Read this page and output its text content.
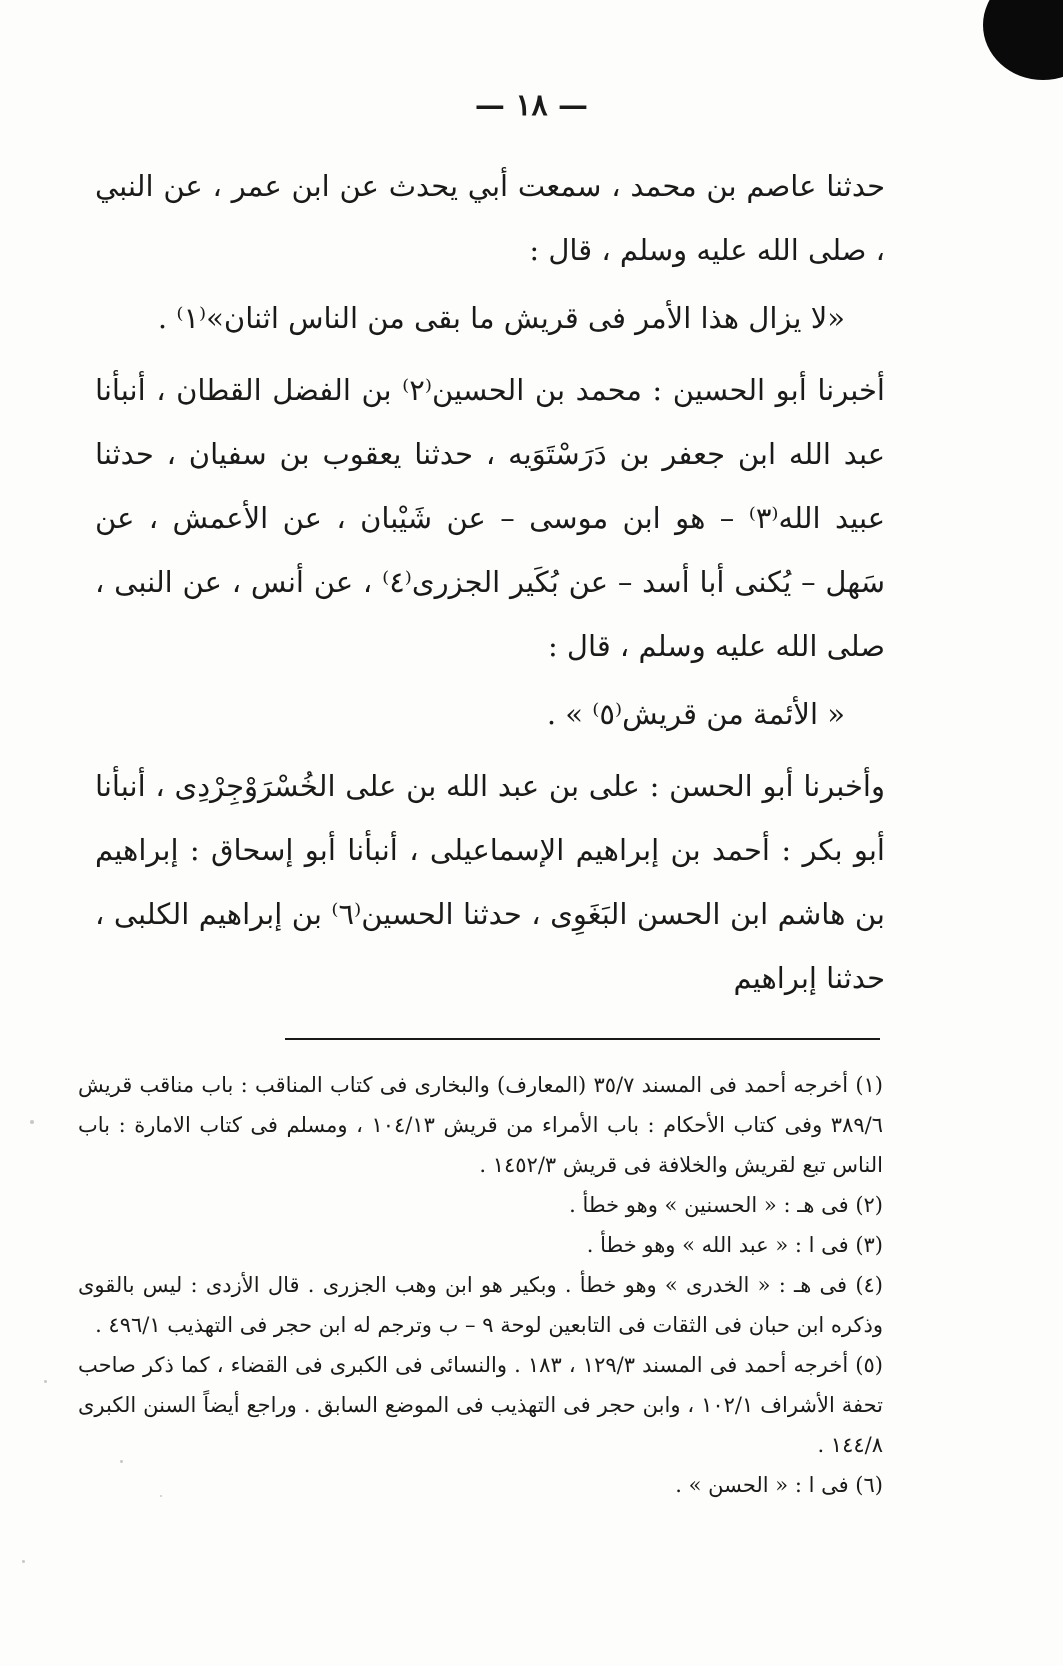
— ١٨ —

حدثنا عاصم بن محمد ، سمعت أبي يحدث عن ابن عمر ، عن النبي ، صلى الله عليه وسلم ، قال :

«لا يزال هذا الأمر فى قريش ما بقى من الناس اثنان»⁽١⁾ .

أخبرنا أبو الحسين : محمد بن الحسين⁽٢⁾ بن الفضل القطان ، أنبأنا عبد الله ابن جعفر بن دَرَسْتَوَيه ، حدثنا يعقوب بن سفيان ، حدثنا عبيد الله⁽٣⁾ – هو ابن موسى – عن شَيْبان ، عن الأعمش ، عن سَهل – يُكنى أبا أسد – عن بُكَير الجزرى⁽٤⁾ ، عن أنس ، عن النبى ، صلى الله عليه وسلم ، قال :

« الأئمة من قريش⁽٥⁾ » .

وأخبرنا أبو الحسن : على بن عبد الله بن على الخُسْرَوْجِرْدِى ، أنبأنا أبو بكر : أحمد بن إبراهيم الإسماعيلى ، أنبأنا أبو إسحاق : إبراهيم بن هاشم ابن الحسن البَغَوِى ، حدثنا الحسين⁽٦⁾ بن إبراهيم الكلبى ، حدثنا إبراهيم

(١) أخرجه أحمد فى المسند ٣٥/٧ (المعارف) والبخارى فى كتاب المناقب : باب مناقب قريش ٣٨٩/٦ وفى كتاب الأحكام : باب الأمراء من قريش ١٠٤/١٣ ، ومسلم فى كتاب الامارة : باب الناس تبع لقريش والخلافة فى قريش ١٤٥٢/٣ .

(٢) فى هـ : « الحسنين » وهو خطأ .

(٣) فى ا : « عبد الله » وهو خطأ .

(٤) فى هـ : « الخدرى » وهو خطأ . وبكير هو ابن وهب الجزرى . قال الأزدى : ليس بالقوى وذكره ابن حبان فى الثقات فى التابعين لوحة ٩ – ب وترجم له ابن حجر فى التهذيب ٤٩٦/١ .

(٥) أخرجه أحمد فى المسند ١٢٩/٣ ، ١٨٣ . والنسائى فى الكبرى فى القضاء ، كما ذكر صاحب تحفة الأشراف ١٠٢/١ ، وابن حجر فى التهذيب فى الموضع السابق . وراجع أيضاً السنن الكبرى ١٤٤/٨ .

(٦) فى ا : « الحسن » .
